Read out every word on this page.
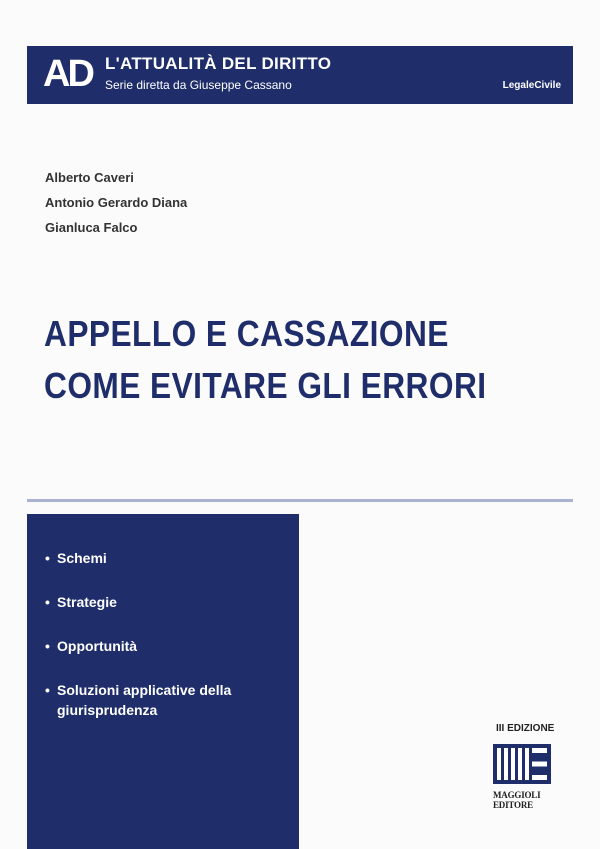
AD L'ATTUALITÀ DEL DIRITTO
Serie diretta da Giuseppe Cassano	LegaleCivile
Alberto Caveri
Antonio Gerardo Diana
Gianluca Falco
APPELLO E CASSAZIONE
COME EVITARE GLI ERRORI
• Schemi
• Strategie
• Opportunità
• Soluzioni applicative della giurisprudenza
III EDIZIONE
MAGGIOLI
EDITORE
